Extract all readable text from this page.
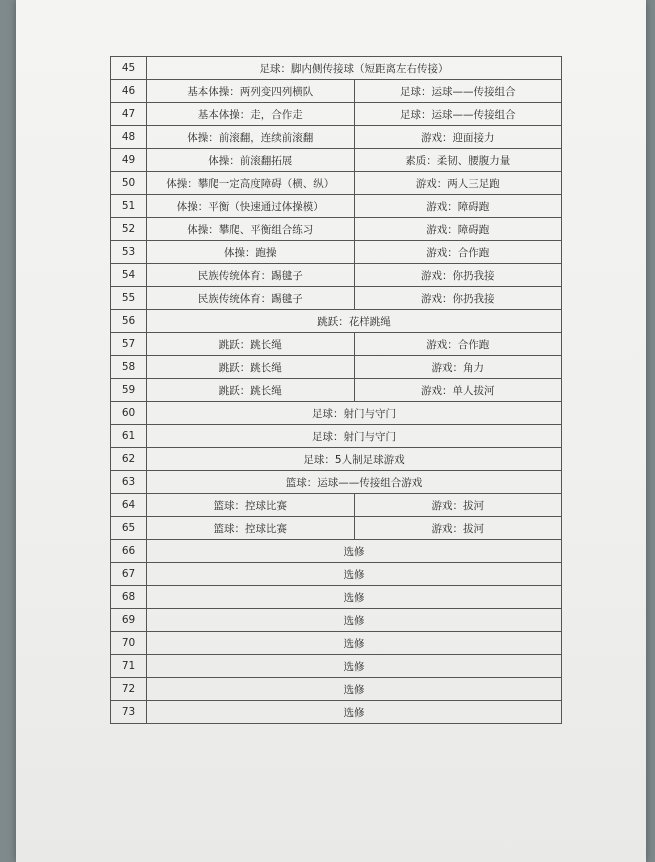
45	足球：脚内侧传接球（短距离左右传接）	
46	基本体操：两列变四列横队	足球：运球——传接组合
47	基本体操：走，合作走	足球：运球——传接组合
48	体操：前滚翻，连续前滚翻	游戏：迎面接力
49	体操：前滚翻拓展	素质：柔韧、腰腹力量
50	体操：攀爬一定高度障碍（横、纵）	游戏：两人三足跑
51	体操：平衡（快速通过体操模）	游戏：障碍跑
52	体操：攀爬、平衡组合练习	游戏：障碍跑
53	体操：跑操	游戏：合作跑
54	民族传统体育：踢毽子	游戏：你扔我接
55	民族传统体育：踢毽子	游戏：你扔我接
56	跳跃：花样跳绳	
57	跳跃：跳长绳	游戏：合作跑
58	跳跃：跳长绳	游戏：角力
59	跳跃：跳长绳	游戏：单人拔河
60	足球：射门与守门	
61	足球：射门与守门	
62	足球：5人制足球游戏	
63	篮球：运球——传接组合游戏	
64	篮球：控球比赛	游戏：拔河
65	篮球：控球比赛	游戏：拔河
66	选修	
67	选修	
68	选修	
69	选修	
70	选修	
71	选修	
72	选修	
73	选修	
